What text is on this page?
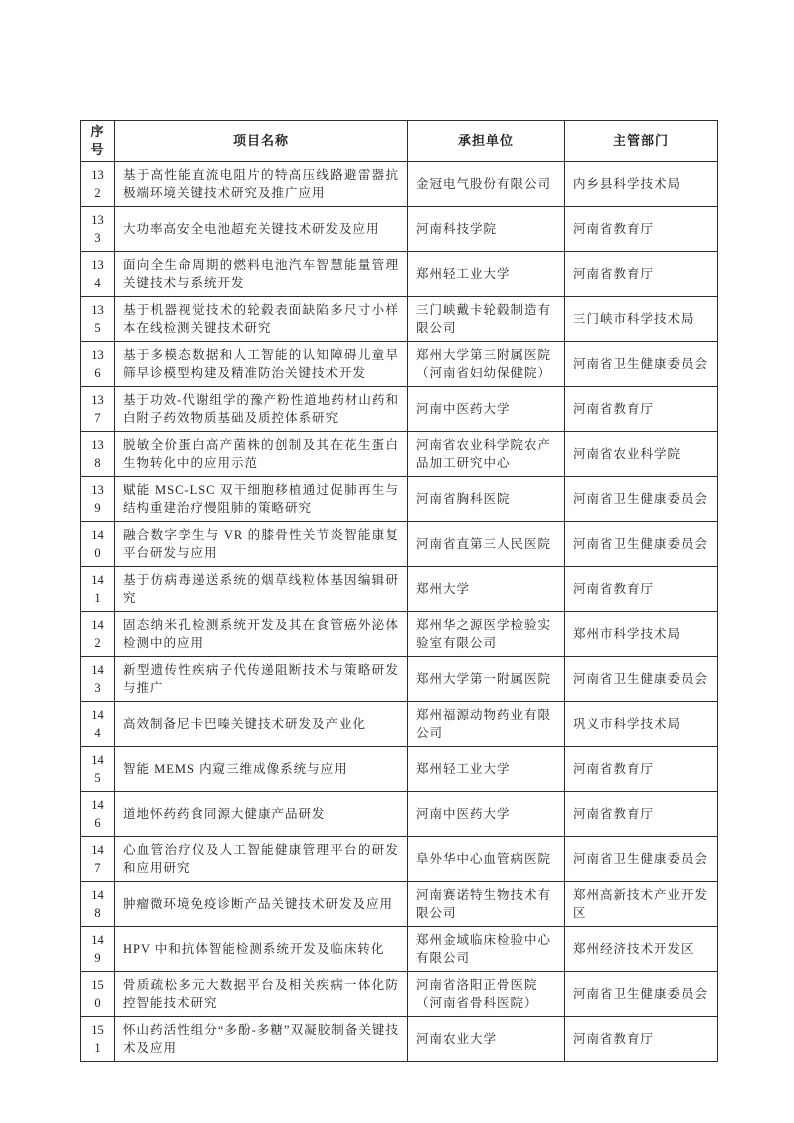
序号	项目名称	承担单位	主管部门
132	基于高性能直流电阻片的特高压线路避雷器抗极端环境关键技术研究及推广应用	金冠电气股份有限公司	内乡县科学技术局
133	大功率高安全电池超充关键技术研发及应用	河南科技学院	河南省教育厅
134	面向全生命周期的燃料电池汽车智慧能量管理关键技术与系统开发	郑州轻工业大学	河南省教育厅
135	基于机器视觉技术的轮毂表面缺陷多尺寸小样本在线检测关键技术研究	三门峡戴卡轮毂制造有限公司	三门峡市科学技术局
136	基于多模态数据和人工智能的认知障碍儿童早筛早诊模型构建及精准防治关键技术开发	郑州大学第三附属医院（河南省妇幼保健院）	河南省卫生健康委员会
137	基于功效-代谢组学的豫产粉性道地药材山药和白附子药效物质基础及质控体系研究	河南中医药大学	河南省教育厅
138	脱敏全价蛋白高产菌株的创制及其在花生蛋白生物转化中的应用示范	河南省农业科学院农产品加工研究中心	河南省农业科学院
139	赋能 MSC-LSC 双干细胞移植通过促肺再生与结构重建治疗慢阻肺的策略研究	河南省胸科医院	河南省卫生健康委员会
140	融合数字孪生与 VR 的膝骨性关节炎智能康复平台研发与应用	河南省直第三人民医院	河南省卫生健康委员会
141	基于仿病毒递送系统的烟草线粒体基因编辑研究	郑州大学	河南省教育厅
142	固态纳米孔检测系统开发及其在食管癌外泌体检测中的应用	郑州华之源医学检验实验室有限公司	郑州市科学技术局
143	新型遗传性疾病子代传递阻断技术与策略研发与推广	郑州大学第一附属医院	河南省卫生健康委员会
144	高效制备尼卡巴嗪关键技术研发及产业化	郑州福源动物药业有限公司	巩义市科学技术局
145	智能 MEMS 内窥三维成像系统与应用	郑州轻工业大学	河南省教育厅
146	道地怀药药食同源大健康产品研发	河南中医药大学	河南省教育厅
147	心血管治疗仪及人工智能健康管理平台的研发和应用研究	阜外华中心血管病医院	河南省卫生健康委员会
148	肿瘤微环境免疫诊断产品关键技术研发及应用	河南赛诺特生物技术有限公司	郑州高新技术产业开发区
149	HPV 中和抗体智能检测系统开发及临床转化	郑州金域临床检验中心有限公司	郑州经济技术开发区
150	骨质疏松多元大数据平台及相关疾病一体化防控智能技术研究	河南省洛阳正骨医院（河南省骨科医院）	河南省卫生健康委员会
151	怀山药活性组分“多酚-多糖”双凝胶制备关键技术及应用	河南农业大学	河南省教育厅
